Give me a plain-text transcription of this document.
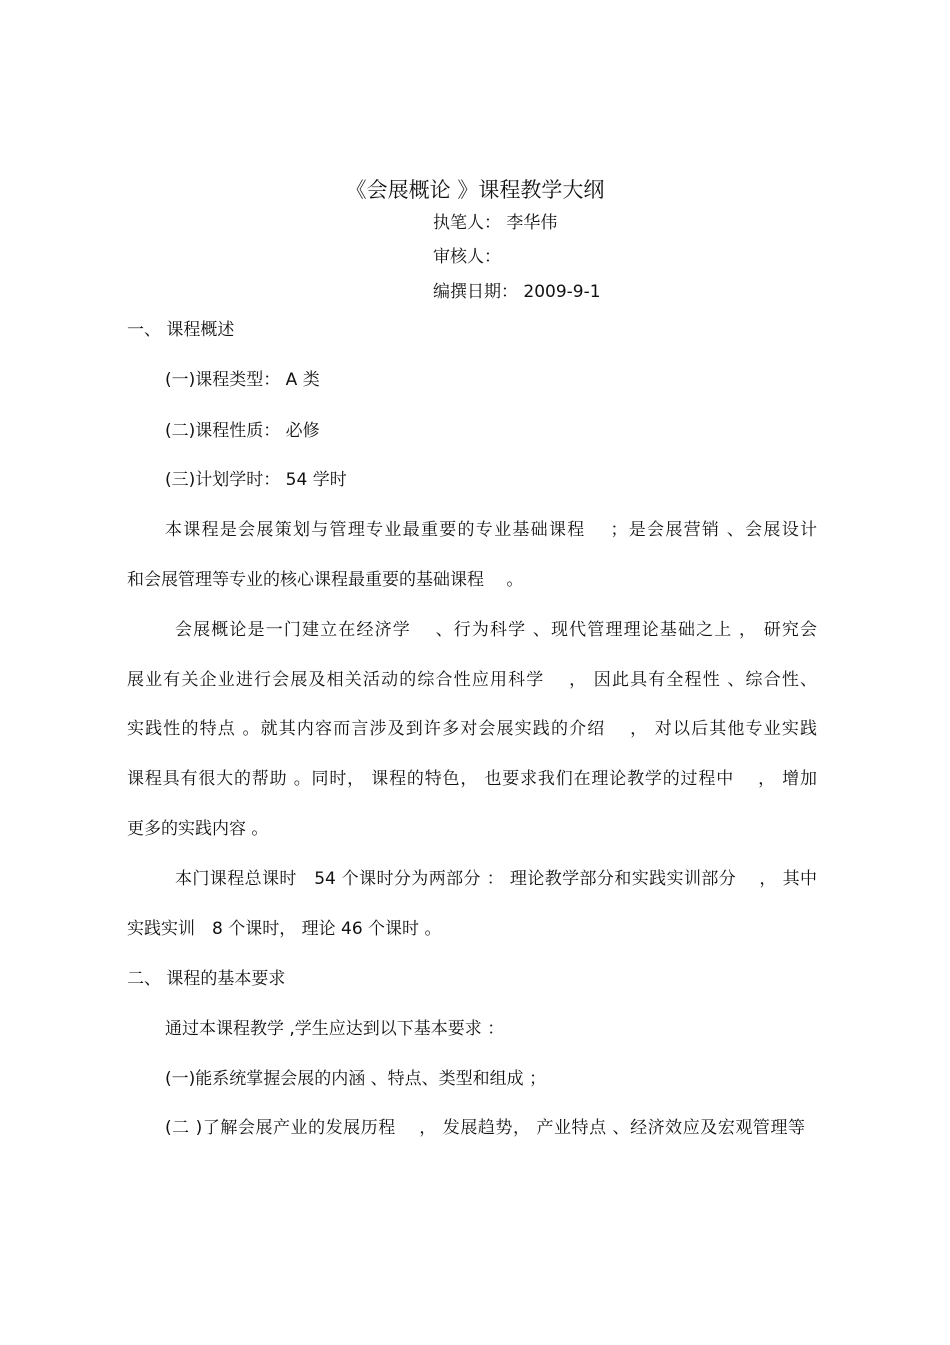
《会展概论 》课程教学大纲
执笔人： 李华伟
审核人：
编撰日期： 2009-9-1
一、 课程概述
(一)课程类型： A 类
(二)课程性质： 必修
(三)计划学时： 54 学时
本课程是会展策划与管理专业最重要的专业基础课程　 ；是会展营销 、会展设计
和会展管理等专业的核心课程最重要的基础课程　 。
会展概论是一门建立在经济学　 、行为科学 、现代管理理论基础之上 ， 研究会
展业有关企业进行会展及相关活动的综合性应用科学　 ， 因此具有全程性 、综合性、
实践性的特点 。就其内容而言涉及到许多对会展实践的介绍　 ， 对以后其他专业实践
课程具有很大的帮助 。同时， 课程的特色， 也要求我们在理论教学的过程中　 ， 增加
更多的实践内容 。
本门课程总课时　54 个课时分为两部分 ： 理论教学部分和实践实训部分　 ， 其中
实践实训　8 个课时， 理论 46 个课时 。
二、 课程的基本要求
通过本课程教学 ,学生应达到以下基本要求 ：
(一)能系统掌握会展的内涵 、特点、类型和组成 ；
(二 )了解会展产业的发展历程　 ， 发展趋势， 产业特点 、经济效应及宏观管理等
